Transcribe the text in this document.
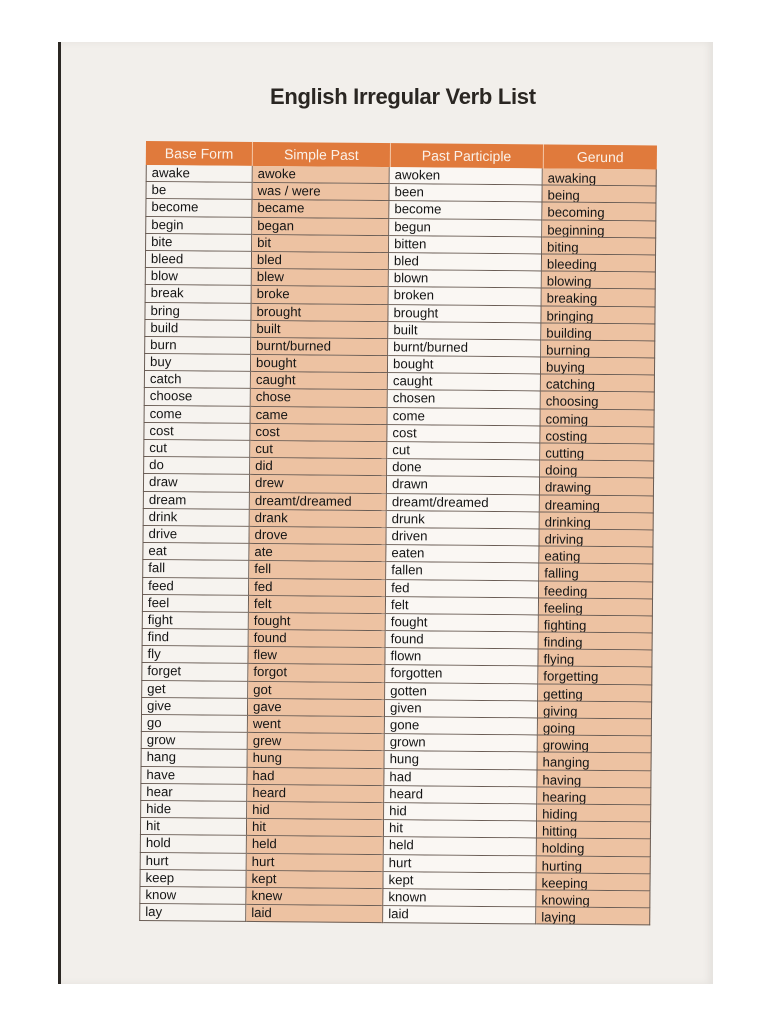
English Irregular Verb List
Base Form	Simple Past	Past Participle	Gerund
awake	awoke	awoken	awaking
be	was / were	been	being
become	became	become	becoming
begin	began	begun	beginning
bite	bit	bitten	biting
bleed	bled	bled	bleeding
blow	blew	blown	blowing
break	broke	broken	breaking
bring	brought	brought	bringing
build	built	built	building
burn	burnt/burned	burnt/burned	burning
buy	bought	bought	buying
catch	caught	caught	catching
choose	chose	chosen	choosing
come	came	come	coming
cost	cost	cost	costing
cut	cut	cut	cutting
do	did	done	doing
draw	drew	drawn	drawing
dream	dreamt/dreamed	dreamt/dreamed	dreaming
drink	drank	drunk	drinking
drive	drove	driven	driving
eat	ate	eaten	eating
fall	fell	fallen	falling
feed	fed	fed	feeding
feel	felt	felt	feeling
fight	fought	fought	fighting
find	found	found	finding
fly	flew	flown	flying
forget	forgot	forgotten	forgetting
get	got	gotten	getting
give	gave	given	giving
go	went	gone	going
grow	grew	grown	growing
hang	hung	hung	hanging
have	had	had	having
hear	heard	heard	hearing
hide	hid	hid	hiding
hit	hit	hit	hitting
hold	held	held	holding
hurt	hurt	hurt	hurting
keep	kept	kept	keeping
know	knew	known	knowing
lay	laid	laid	laying
